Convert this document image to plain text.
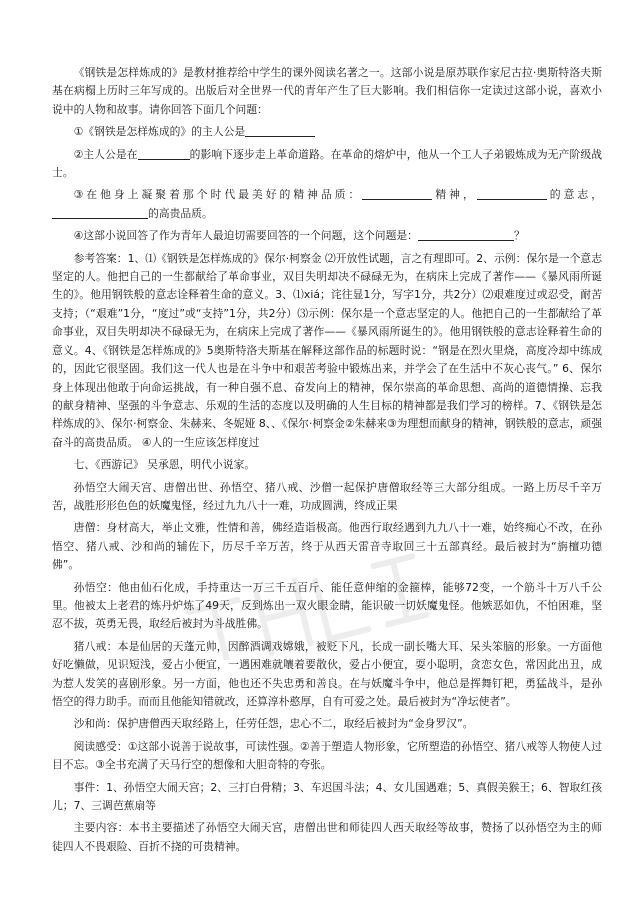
《钢铁是怎样炼成的》是教材推荐给中学生的课外阅读名著之一。这部小说是原苏联作家尼古拉·奥斯特洛夫斯基在病榻上历时三年写成的。出版后对全世界一代的青年产生了巨大影响。我们相信你一定读过这部小说，喜欢小说中的人物和故事。请你回答下面几个问题：

①《钢铁是怎样炼成的》的主人公是

②主人公是在	的影响下逐步走上革命道路。在革命的熔炉中，他从一个工人子弟锻炼成为无产阶级战士。

③在他身上凝聚着那个时代最美好的精神品质：	精神，	的意志，的高贵品质。

④这部小说回答了作为青年人最迫切需要回答的一个问题，这个问题是：	？

参考答案：1、⑴《钢铁是怎样炼成的》保尔·柯察金 ⑵开放性试题，言之有理即可。2、示例：保尔是一个意志坚定的人。他把自己的一生都献给了革命事业，双目失明却决不碌碌无为，在病床上完成了著作——《暴风雨所诞生的》。他用钢铁般的意志诠释着生命的意义。3、⑴xiá；诧往显1分，写字1分，共2分）⑵艰难度过或忍受，耐苦支持；（“艰难”1分，“度过”或“支持”1分，共2分）⑶示例：保尔是一个意志坚定的人。他把自己的一生都献给了革命事业，双目失明却决不碌碌无为，在病床上完成了著作——《暴风雨所诞生的》。他用钢铁般的意志诠释着生命的意义。4、《钢铁是怎样炼成的》5奥斯特洛夫斯基在解释这部作品的标题时说：“钢是在烈火里烧，高度冷却中练成的，因此它很坚固。我们这一代人也是在斗争中和艰苦考验中锻炼出来，并学会了在生活中不灰心丧气。” 6、保尔身上体现出他敢于向命运挑战，有一种自强不息、奋发向上的精神，保尔崇高的革命思想、高尚的道德情操、忘我的献身精神、坚强的斗争意志、乐观的生活的态度以及明确的人生目标的精神都是我们学习的榜样。7、《钢铁是怎样炼成的》、保尔·柯察金、朱赫来、冬妮娅 8、、《保尔·柯察金②朱赫来③为理想而献身的精神，钢铁般的意志，顽强奋斗的高贵品质。 ④人的一生应该怎样度过

七、《西游记》 吴承恩，明代小说家。

孙悟空大闹天宫、唐僧出世、孙悟空、猪八戒、沙僧一起保护唐僧取经等三大部分组成。一路上历尽千辛万苦，战胜形形色色的妖魔鬼怪，经过九九八十一难，功成圆满，终成正果

唐僧：身材高大，举止文雅，性情和善，佛经造诣极高。他西行取经遇到九九八十一难，始终痴心不改，在孙悟空、猪八戒、沙和尚的辅佐下，历尽千辛万苦，终于从西天雷音寺取回三十五部真经。最后被封为“旃檀功德佛”。

孙悟空：他由仙石化成，手持重达一万三千五百斤、能任意伸缩的金箍棒，能够72变，一个筋斗十万八千公里。他被太上老君的炼丹炉炼了49天，反到炼出一双火眼金睛，能识破一切妖魔鬼怪。他嫉恶如仇，不怕困难，坚忍不拔，英勇无畏，取经后被封为斗战胜佛。

猪八戒：本是仙居的天蓬元帅，因醉酒调戏嫦娥，被贬下凡，长成一副长嘴大耳、呆头笨脑的形象。一方面他好吃懒做，见识短浅，爱占小便宜，一遇困难就嚷着要散伙，爱占小便宜，耍小聪明，贪恋女色，常因此出丑，成为惹人发笑的喜剧形象。另一方面，他也还不失忠勇和善良。在与妖魔斗争中，他总是挥舞钉耙，勇猛战斗，是孙悟空的得力助手。而而且他能知错就改，还算淳朴憨厚，自有可爱之处。最后被封为“净坛使者”。

沙和尚：保护唐僧西天取经路上，任劳任怨，忠心不二，取经后被封为“金身罗汉”。

阅读感受：①这部小说善于说故事，可读性强。②善于塑造人物形象，它所塑造的孙悟空、猪八戒等人物使人过目不忘。③全书充满了天马行空的想像和大胆奇特的夸张。

事件：1、孙悟空大闹天宫；2、三打白骨精；3、车迟国斗法；4、女儿国遇难；5、真假美猴王；6、智取红孩儿；7、三调芭蕉扇等

主要内容：本书主要描述了孙悟空大闹天宫，唐僧出世和师徒四人西天取经等故事，赞扬了以孙悟空为主的师徒四人不畏艰险、百折不挠的可贵精神。
